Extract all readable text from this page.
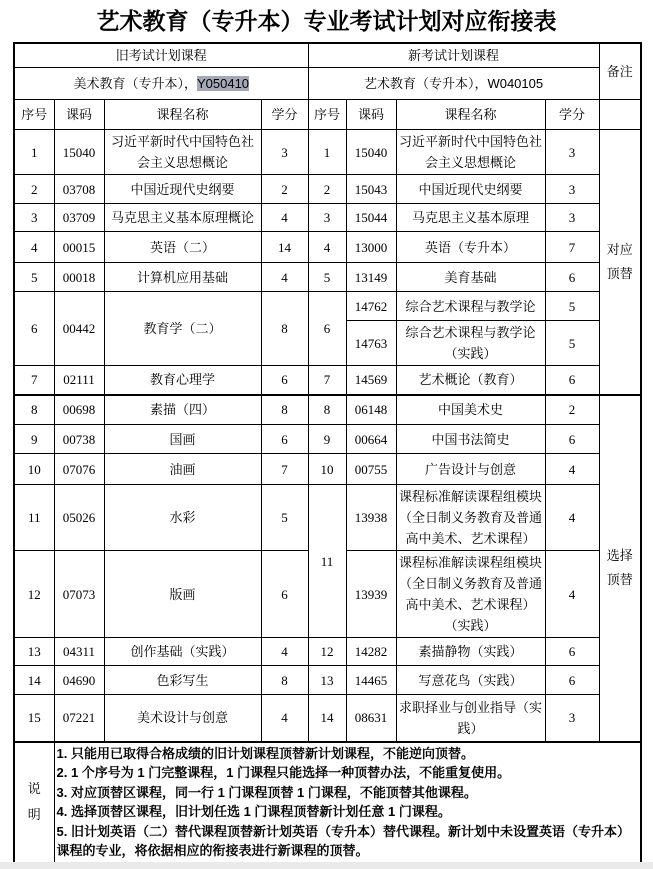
艺术教育（专升本）专业考试计划对应衔接表
旧考试计划课程				新考试计划课程				备注
美术教育（专升本），Y050410				艺术教育（专升本），W040105				
序号	课码	课程名称	学分	序号	课码	课程名称	学分	
1	15040	习近平新时代中国特色社会主义思想概论	3	1	15040	习近平新时代中国特色社会主义思想概论	3	对应顶替

2	03708	中国近现代史纲要	2	2	15043	中国近现代史纲要	3	
3	03709	马克思主义基本原理概论	4	3	15044	马克思主义基本原理	3	
4	00015	英语（二）	14	4	13000	英语（专升本）	7	
5	00018	计算机应用基础	4	5	13149	美育基础	6	
6	00442	教育学（二）	8	6	14762	综合艺术课程与教学论	5	
					14763	综合艺术课程与教学论（实践）	5	
7	02111	教育心理学	6	7	14569	艺术概论（教育）	6	
8	00698	素描（四）	8	8	06148	中国美术史	2	选择顶替

9	00738	国画	6	9	00664	中国书法简史	6	
10	07076	油画	7	10	00755	广告设计与创意	4	
11	05026	水彩	5	11	13938	课程标准解读课程组模块（全日制义务教育及普通高中美术、艺术课程）	4	
12	07073	版画	6		13939	课程标准解读课程组模块（全日制义务教育及普通高中美术、艺术课程）（实践）	4	
13	04311	创作基础（实践）	4	12	14282	素描静物（实践）	6	
14	04690	色彩写生	8	13	14465	写意花鸟（实践）	6	
15	07221	美术设计与创意	4	14	08631	求职择业与创业指导（实践）	3	

说明	1. 只能用已取得合格成绩的旧计划课程顶替新计划课程，不能逆向顶替。
2. 1 个序号为 1 门完整课程，1 门课程只能选择一种顶替办法，不能重复使用。
3. 对应顶替区课程，同一行 1 门课程顶替 1 门课程，不能顶替其他课程。
4. 选择顶替区课程，旧计划任选 1 门课程顶替新计划任意 1 门课程。
5. 旧计划英语（二）替代课程顶替新计划英语（专升本）替代课程。新计划中未设置英语（专升本）课程的专业，将依据相应的衔接表进行新课程的顶替。							
